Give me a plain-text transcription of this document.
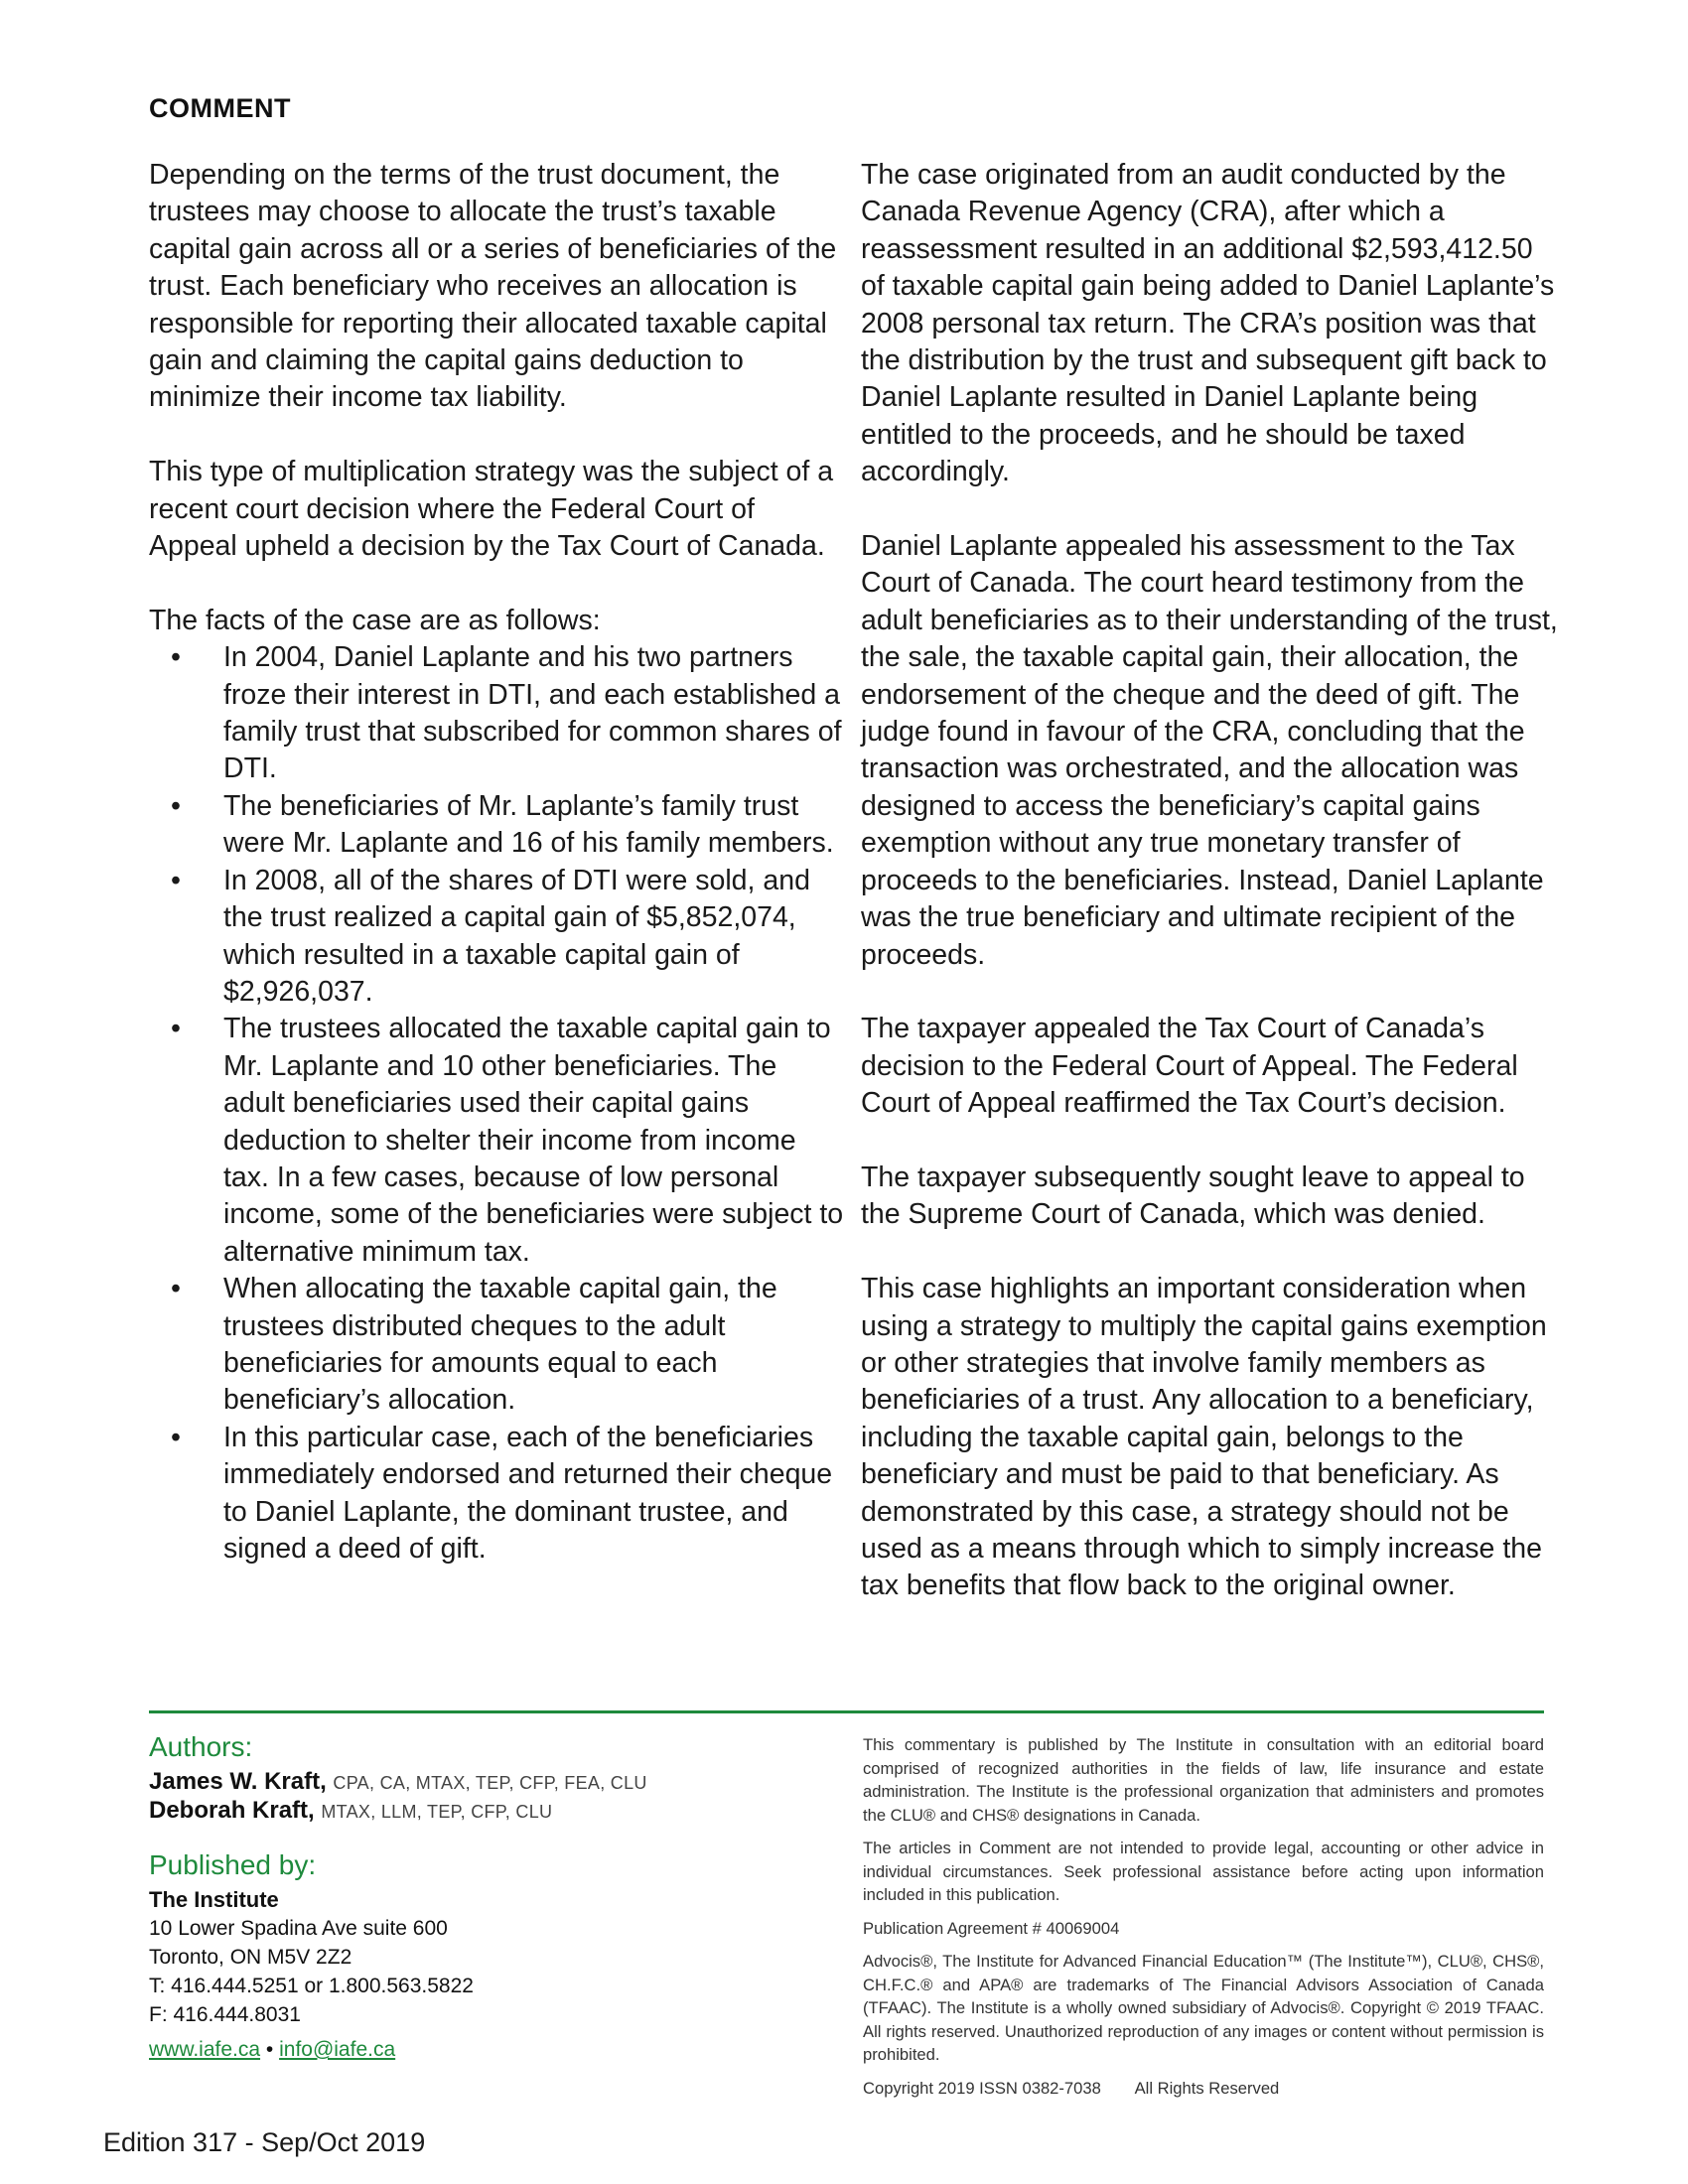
COMMENT

Depending on the terms of the trust document, the trustees may choose to allocate the trust’s taxable capital gain across all or a series of beneficiaries of the trust. Each beneficiary who receives an allocation is responsible for reporting their allocated taxable capital gain and claiming the capital gains deduction to minimize their income tax liability.

This type of multiplication strategy was the subject of a recent court decision where the Federal Court of Appeal upheld a decision by the Tax Court of Canada.

The facts of the case are as follows:

• In 2004, Daniel Laplante and his two partners froze their interest in DTI, and each established a family trust that subscribed for common shares of DTI.
• The beneficiaries of Mr. Laplante’s family trust were Mr. Laplante and 16 of his family members.
• In 2008, all of the shares of DTI were sold, and the trust realized a capital gain of $5,852,074, which resulted in a taxable capital gain of $2,926,037.
• The trustees allocated the taxable capital gain to Mr. Laplante and 10 other beneficiaries. The adult beneficiaries used their capital gains deduction to shelter their income from income tax. In a few cases, because of low personal income, some of the beneficiaries were subject to alternative minimum tax.
• When allocating the taxable capital gain, the trustees distributed cheques to the adult beneficiaries for amounts equal to each beneficiary’s allocation.
• In this particular case, each of the beneficiaries immediately endorsed and returned their cheque to Daniel Laplante, the dominant trustee, and signed a deed of gift.

The case originated from an audit conducted by the Canada Revenue Agency (CRA), after which a reassessment resulted in an additional $2,593,412.50 of taxable capital gain being added to Daniel Laplante’s 2008 personal tax return. The CRA’s position was that the distribution by the trust and subsequent gift back to Daniel Laplante resulted in Daniel Laplante being entitled to the proceeds, and he should be taxed accordingly.

Daniel Laplante appealed his assessment to the Tax Court of Canada. The court heard testimony from the adult beneficiaries as to their understanding of the trust, the sale, the taxable capital gain, their allocation, the endorsement of the cheque and the deed of gift. The judge found in favour of the CRA, concluding that the transaction was orchestrated, and the allocation was designed to access the beneficiary’s capital gains exemption without any true monetary transfer of proceeds to the beneficiaries. Instead, Daniel Laplante was the true beneficiary and ultimate recipient of the proceeds.

The taxpayer appealed the Tax Court of Canada’s decision to the Federal Court of Appeal. The Federal Court of Appeal reaffirmed the Tax Court’s decision.

The taxpayer subsequently sought leave to appeal to the Supreme Court of Canada, which was denied.

This case highlights an important consideration when using a strategy to multiply the capital gains exemption or other strategies that involve family members as beneficiaries of a trust. Any allocation to a beneficiary, including the taxable capital gain, belongs to the beneficiary and must be paid to that beneficiary. As demonstrated by this case, a strategy should not be used as a means through which to simply increase the tax benefits that flow back to the original owner.

Authors:
James W. Kraft, CPA, CA, MTAX, TEP, CFP, FEA, CLU
Deborah Kraft, MTAX, LLM, TEP, CFP, CLU
Published by:
The Institute
10 Lower Spadina Ave suite 600
Toronto, ON M5V 2Z2
T: 416.444.5251 or 1.800.563.5822
F: 416.444.8031
www.iafe.ca • info@iafe.ca

This commentary is published by The Institute in consultation with an editorial board comprised of recognized authorities in the fields of law, life insurance and estate administration. The Institute is the professional organization that administers and promotes the CLU® and CHS® designations in Canada.

The articles in Comment are not intended to provide legal, accounting or other advice in individual circumstances. Seek professional assistance before acting upon information included in this publication.

Publication Agreement # 40069004

Advocis®, The Institute for Advanced Financial Education™ (The Institute™), CLU®, CHS®, CH.F.C.® and APA® are trademarks of The Financial Advisors Association of Canada (TFAAC). The Institute is a wholly owned subsidiary of Advocis®. Copyright © 2019 TFAAC. All rights reserved. Unauthorized reproduction of any images or content without permission is prohibited.

Copyright 2019 ISSN 0382-7038 All Rights Reserved

Edition 317 - Sep/Oct 2019
